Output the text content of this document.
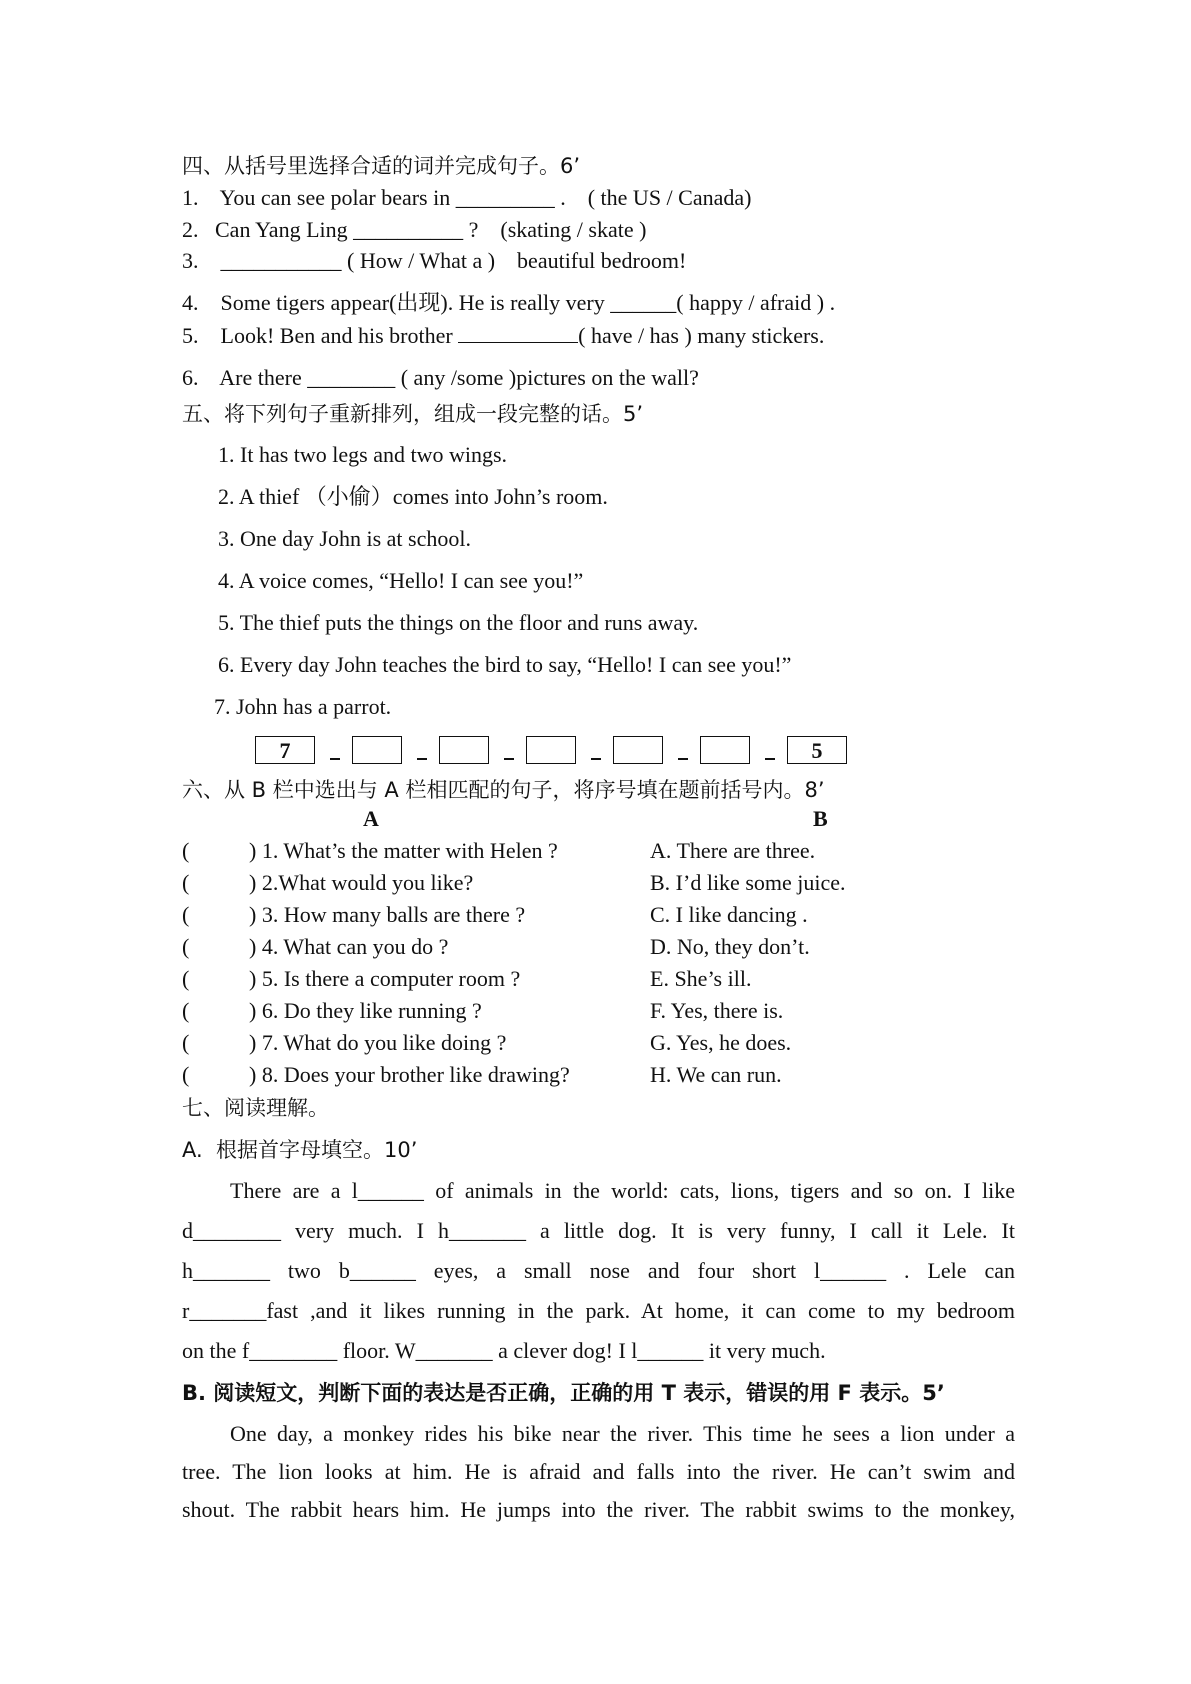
四、从括号里选择合适的词并完成句子。6’
1.    You can see polar bears in _________ .    ( the US / Canada)
2.   Can Yang Ling __________ ?    (skating / skate )
3.    ___________ ( How / What a )    beautiful bedroom!
4.    Some tigers appear(出现). He is really very ______( happy / afraid ) .
5.    Look! Ben and his brother	( have / has ) many stickers.
6.    Are there ________ ( any /some )pictures on the wall?
五、将下列句子重新排列，组成一段完整的话。5’
1. It has two legs and two wings.
2. A thief （小偷）comes into John’s room.
3. One day John is at school.
4. A voice comes, “Hello! I can see you!”
5. The thief puts the things on the floor and runs away.
6. Every day John teaches the bird to say, “Hello! I can see you!”
7. John has a parrot.
7	5
六、从 B 栏中选出与 A 栏相匹配的句子，将序号填在题前括号内。8’
A	B
(	) 1. What’s the matter with Helen ?	A. There are three.
(	) 2.What would you like?	B. I’d like some juice.
(	) 3. How many balls are there ?	C. I like dancing .
(	) 4. What can you do ?	D. No, they don’t.
(	) 5. Is there a computer room ?	E. She’s ill.
(	) 6. Do they like running ?	F. Yes, there is.
(	) 7. What do you like doing ?	G. Yes, he does.
(	) 8. Does your brother like drawing?	H. We can run.
七、阅读理解。
A.  根据首字母填空。10’
There are a l______ of animals in the world: cats, lions, tigers and so on. I like
d________ very much. I h_______ a little dog. It is very funny, I call it Lele. It
h_______ two b______ eyes, a small nose and four short l______ . Lele can
r_______fast ,and it likes running in the park. At home, it can come to my bedroom
on the f________ floor. W_______ a clever dog! I l______ it very much.
B. 阅读短文，判断下面的表达是否正确，正确的用 T 表示，错误的用 F 表示。5’
One day, a monkey rides his bike near the river. This time he sees a lion under a
tree. The lion looks at him. He is afraid and falls into the river. He can’t swim and
shout. The rabbit hears him. He jumps into the river. The rabbit swims to the monkey,
